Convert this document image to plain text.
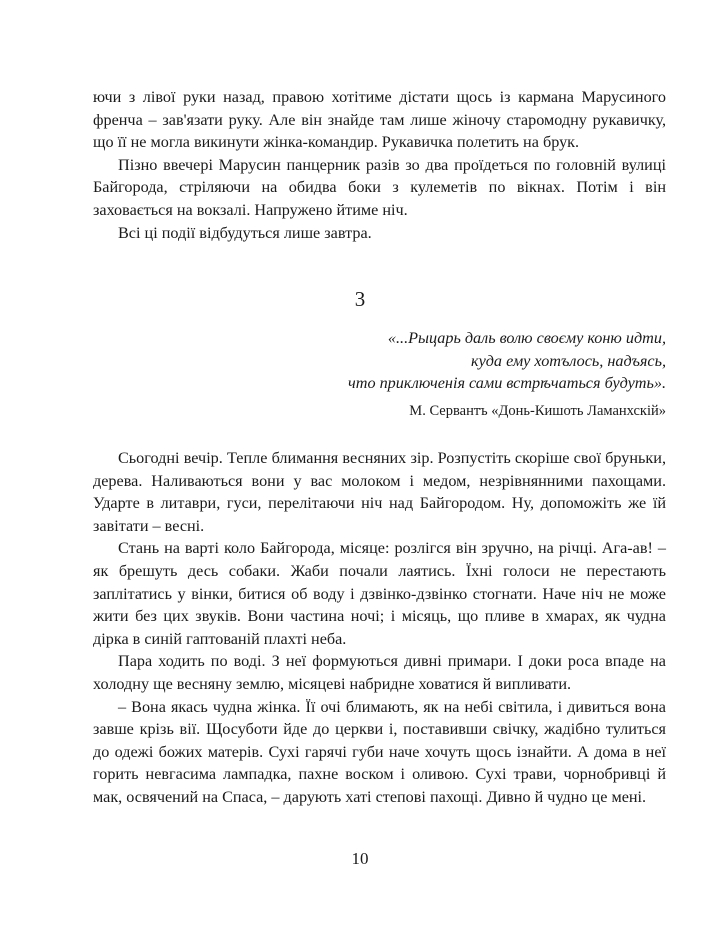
ючи з лівої руки назад, правою хотітиме дістати щось із кармана Марусиного френча – зав'язати руку. Але він знайде там лише жіночу старомодну рукавичку, що її не могла викинути жінка-командир. Рукавичка полетить на брук.

Пізно ввечері Марусин панцерник разів зо два проїдеться по головній вулиці Байгорода, стріляючи на обидва боки з кулеметів по вікнах. Потім і він заховається на вокзалі. Напружено йтиме ніч.

Всі ці події відбудуться лише завтра.

3
«...Рыцарь даль волю своєму коню идти,
куда ему хотълось, надъясь,
что приключенія сами встрѣчаться будуть».
М. Сервантъ «Донь-Кишоть Ламанхскій»

Сьогодні вечір. Тепле блимання весняних зір. Розпустіть скоріше свої бруньки, дерева. Наливаються вони у вас молоком і медом, незрівнянними пахощами. Ударте в литаври, гуси, перелітаючи ніч над Байгородом. Ну, допоможіть же їй завітати – весні.

Стань на варті коло Байгорода, місяце: розлігся він зручно, на річці. Ага-ав! – як брешуть десь собаки. Жаби почали лаятись. Їхні голоси не перестають заплітатись у вінки, битися об воду і дзвінко-дзвінко стогнати. Наче ніч не може жити без цих звуків. Вони частина ночі; і місяць, що пливе в хмарах, як чудна дірка в синій гаптованій плахті неба.

Пара ходить по воді. З неї формуються дивні примари. І доки роса впаде на холодну ще весняну землю, місяцеві набридне ховатися й випливати.

– Вона якась чудна жінка. Її очі блимають, як на небі світила, і дивиться вона завше крізь вії. Щосуботи йде до церкви і, поставивши свічку, жадібно тулиться до одежі божих матерів. Сухі гарячі губи наче хочуть щось ізнайти. А дома в неї горить невгасима лампадка, пахне воском і оливою. Сухі трави, чорнобривці й мак, освячений на Спаса, – дарують хаті степові пахощі. Дивно й чудно це мені.

10
